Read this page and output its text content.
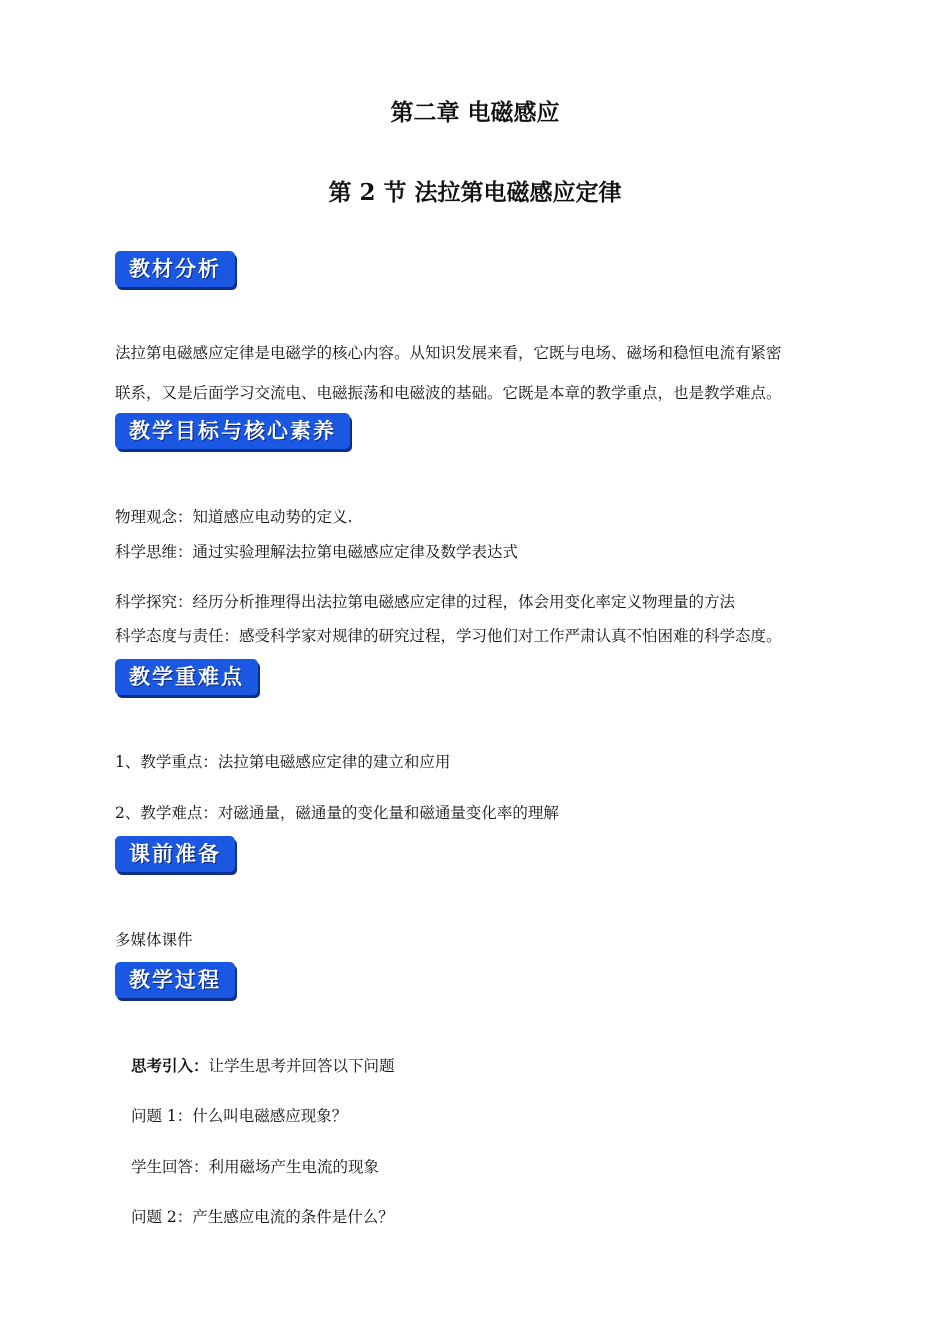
第二章 电磁感应
第 2 节 法拉第电磁感应定律
教材分析

法拉第电磁感应定律是电磁学的核心内容。从知识发展来看，它既与电场、磁场和稳恒电流有紧密

联系，又是后面学习交流电、电磁振荡和电磁波的基础。它既是本章的教学重点，也是教学难点。

教学目标与核心素养

物理观念：知道感应电动势的定义.

科学思维：通过实验理解法拉第电磁感应定律及数学表达式

科学探究：经历分析推理得出法拉第电磁感应定律的过程，体会用变化率定义物理量的方法

科学态度与责任：感受科学家对规律的研究过程，学习他们对工作严肃认真不怕困难的科学态度。

教学重难点

1、教学重点：法拉第电磁感应定律的建立和应用

2、教学难点：对磁通量，磁通量的变化量和磁通量变化率的理解

课前准备

多媒体课件

教学过程

思考引入：让学生思考并回答以下问题

问题 1：什么叫电磁感应现象？

学生回答：利用磁场产生电流的现象

问题 2：产生感应电流的条件是什么？
